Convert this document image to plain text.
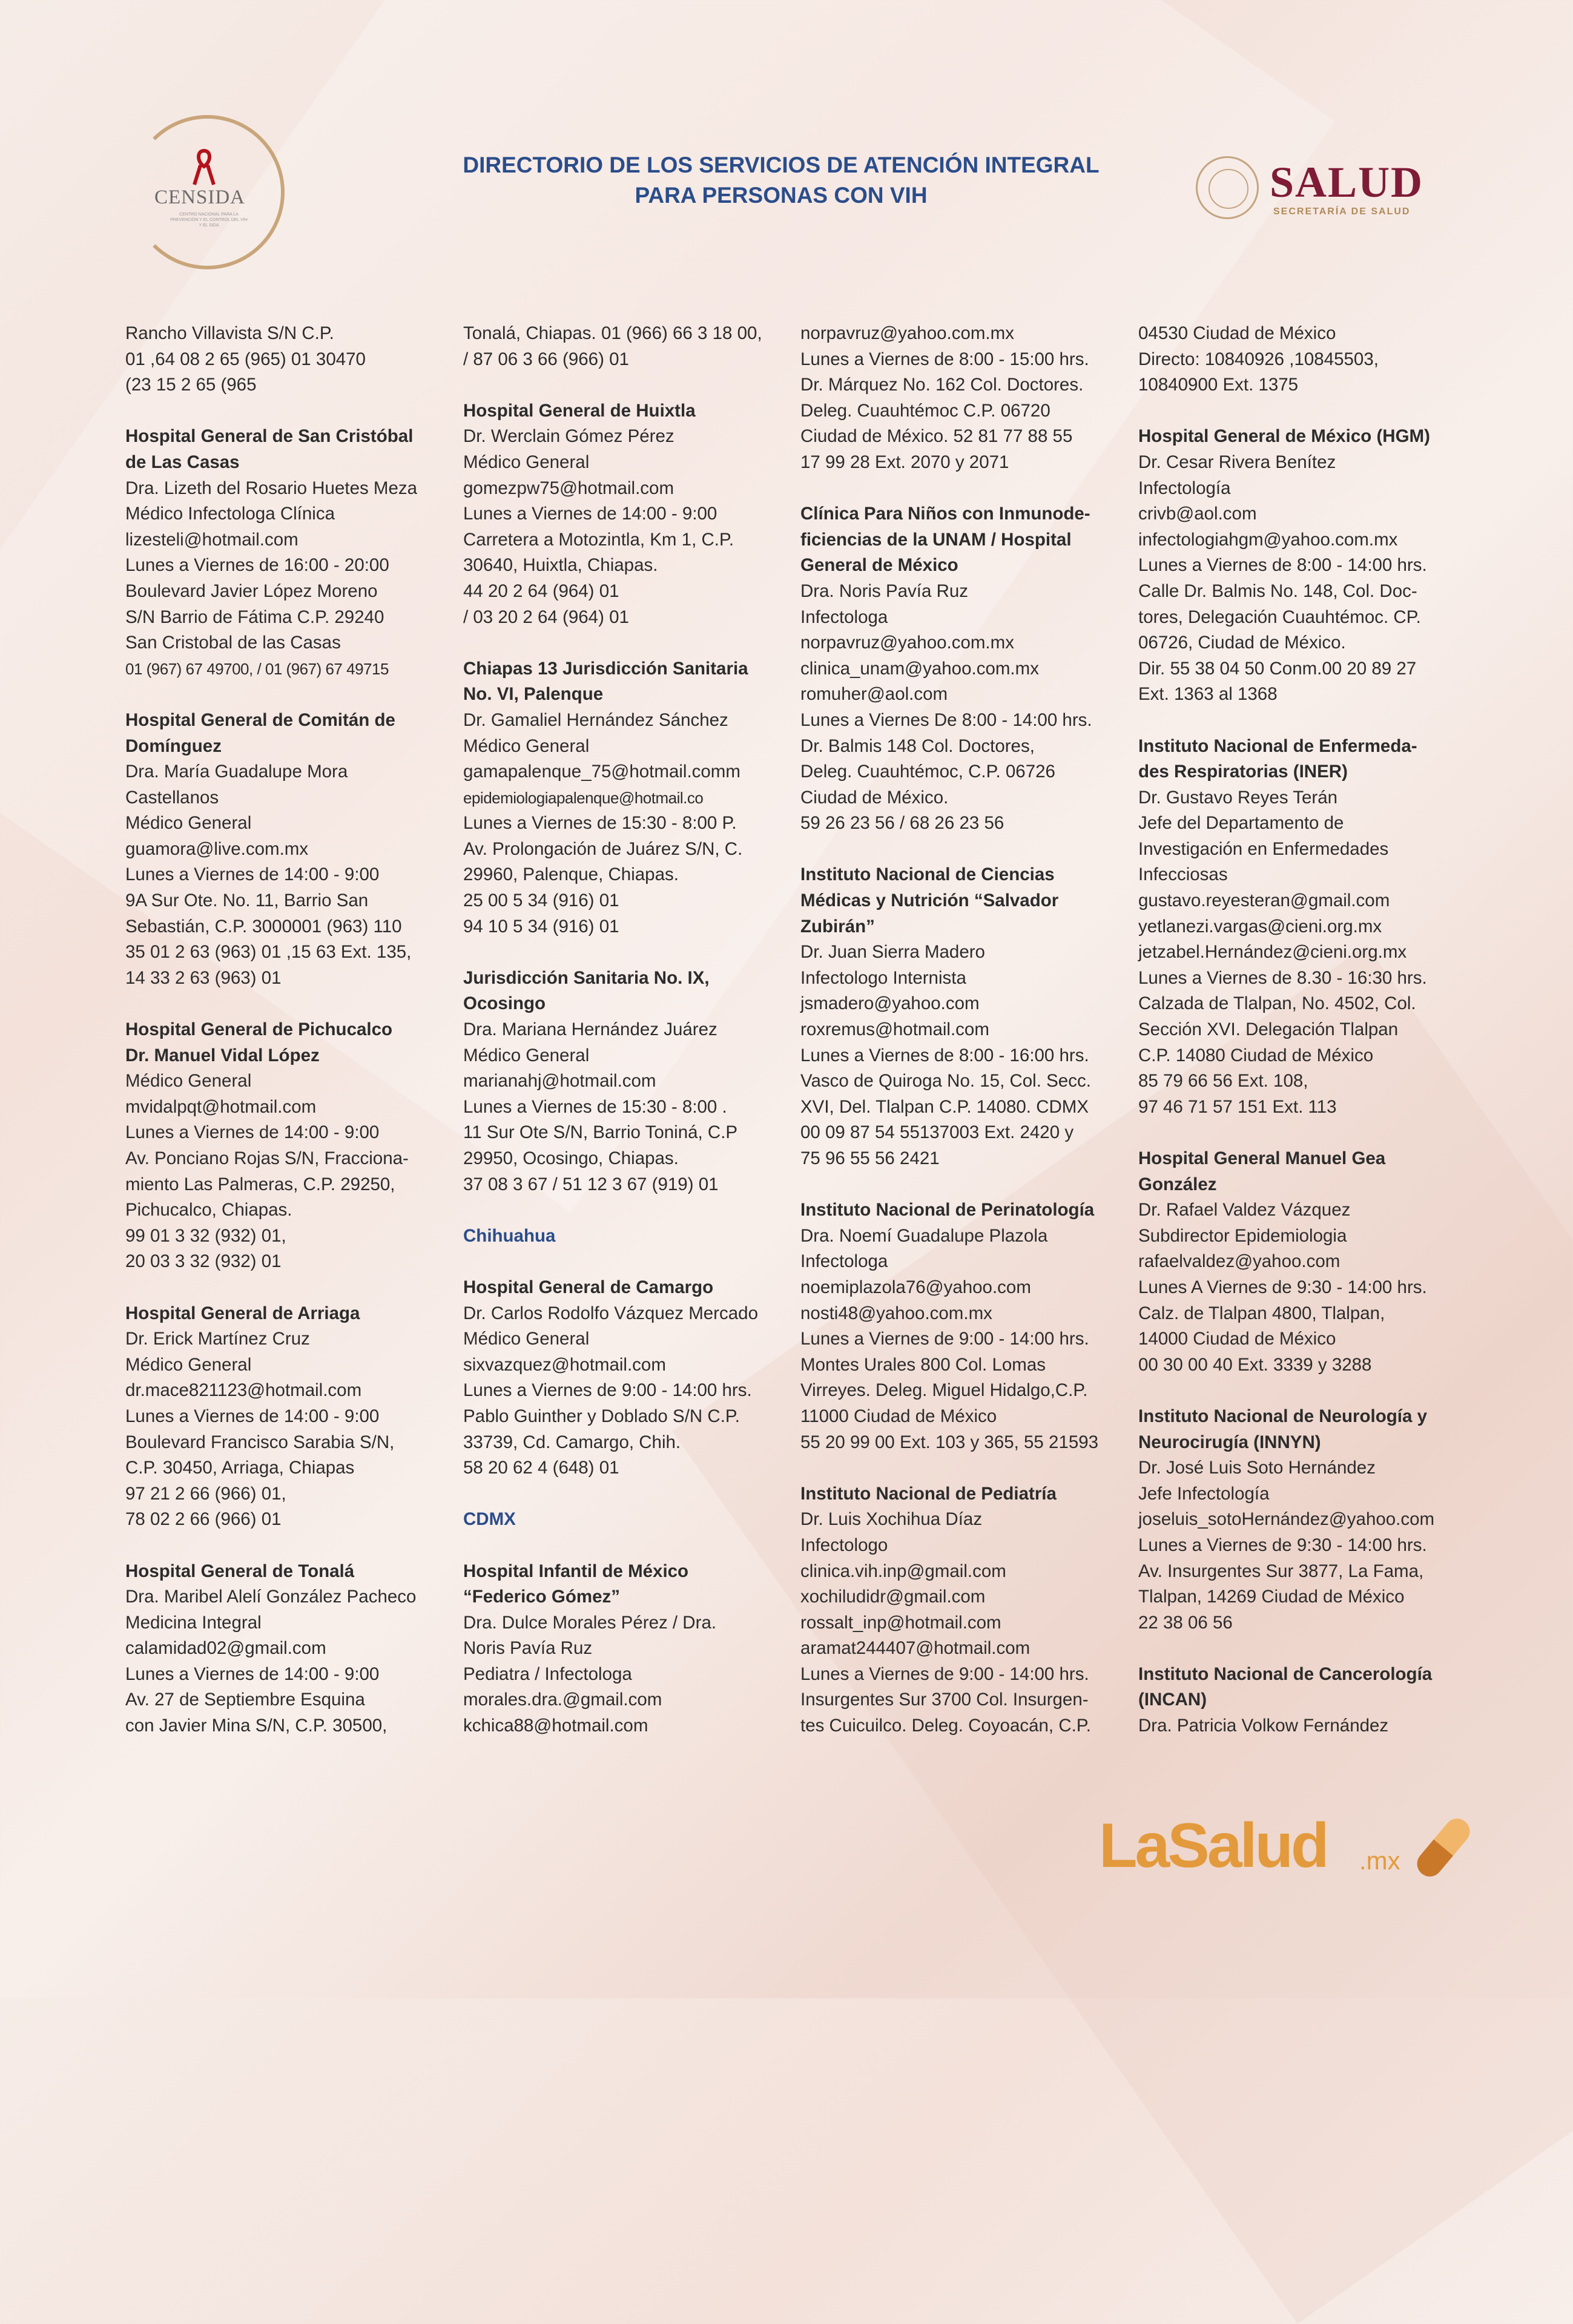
CENSIDA
CENTRO NACIONAL PARA LA PREVENCIÓN Y EL CONTROL DEL VIH Y EL SIDA
DIRECTORIO DE LOS SERVICIOS DE ATENCIÓN INTEGRAL
PARA PERSONAS CON VIH	SALUD
SECRETARÍA DE SALUD
Rancho Villavista S/N C.P.
01 ,64 08 2 65 (965) 01 30470
(23 15 2 65 (965
Hospital General de San Cristóbal
de Las Casas
Dra. Lizeth del Rosario Huetes Meza
Médico Infectologa Clínica
lizesteli@hotmail.com
Lunes a Viernes de 16:00 - 20:00
Boulevard Javier López Moreno
S/N Barrio de Fátima C.P. 29240
San Cristobal de las Casas
01 (967) 67 49700, / 01 (967) 67 49715
Hospital General de Comitán de
Domínguez
Dra. María Guadalupe Mora
Castellanos
Médico General
guamora@live.com.mx
Lunes a Viernes de 14:00 - 9:00
9A Sur Ote. No. 11, Barrio San
Sebastián, C.P. 3000001 (963) 110
35 01 2 63 (963) 01 ,15 63 Ext. 135,
14 33 2 63 (963) 01
Hospital General de Pichucalco
Dr. Manuel Vidal López
Médico General
mvidalpqt@hotmail.com
Lunes a Viernes de 14:00 - 9:00
Av. Ponciano Rojas S/N, Fracciona-
miento Las Palmeras, C.P. 29250,
Pichucalco, Chiapas.
99 01 3 32 (932) 01,
20 03 3 32 (932) 01
Hospital General de Arriaga
Dr. Erick Martínez Cruz
Médico General
dr.mace821123@hotmail.com
Lunes a Viernes de 14:00 - 9:00
Boulevard Francisco Sarabia S/N,
C.P. 30450, Arriaga, Chiapas
97 21 2 66 (966) 01,
78 02 2 66 (966) 01
Hospital General de Tonalá
Dra. Maribel Alelí González Pacheco
Medicina Integral
calamidad02@gmail.com
Lunes a Viernes de 14:00 - 9:00
Av. 27 de Septiembre Esquina
con Javier Mina S/N, C.P. 30500,
Tonalá, Chiapas. 01 (966) 66 3 18 00,
/ 87 06 3 66 (966) 01
Hospital General de Huixtla
Dr. Werclain Gómez Pérez
Médico General
gomezpw75@hotmail.com
Lunes a Viernes de 14:00 - 9:00
Carretera a Motozintla, Km 1, C.P.
30640, Huixtla, Chiapas.
44 20 2 64 (964) 01
/ 03 20 2 64 (964) 01
Chiapas 13 Jurisdicción Sanitaria
No. VI, Palenque
Dr. Gamaliel Hernández Sánchez
Médico General
gamapalenque_75@hotmail.comm
epidemiologiapalenque@hotmail.co
Lunes a Viernes de 15:30 - 8:00 P.
Av. Prolongación de Juárez S/N, C.
29960, Palenque, Chiapas.
25 00 5 34 (916) 01
94 10 5 34 (916) 01
Jurisdicción Sanitaria No. IX,
Ocosingo
Dra. Mariana Hernández Juárez
Médico General
marianahj@hotmail.com
Lunes a Viernes de 15:30 - 8:00 .
11 Sur Ote S/N, Barrio Toniná, C.P
29950, Ocosingo, Chiapas.
37 08 3 67 / 51 12 3 67 (919) 01
Chihuahua
Hospital General de Camargo
Dr. Carlos Rodolfo Vázquez Mercado
Médico General
sixvazquez@hotmail.com
Lunes a Viernes de 9:00 - 14:00 hrs.
Pablo Guinther y Doblado S/N C.P.
33739, Cd. Camargo, Chih.
58 20 62 4 (648) 01
CDMX
Hospital Infantil de México
“Federico Gómez”
Dra. Dulce Morales Pérez / Dra.
Noris Pavía Ruz
Pediatra / Infectologa
morales.dra.@gmail.com
kchica88@hotmail.com
norpavruz@yahoo.com.mx
Lunes a Viernes de 8:00 - 15:00 hrs.
Dr. Márquez No. 162 Col. Doctores.
Deleg. Cuauhtémoc C.P. 06720
Ciudad de México. 52 81 77 88 55
17 99 28 Ext. 2070 y 2071
Clínica Para Niños con Inmunode-
ficiencias de la UNAM / Hospital
General de México
Dra. Noris Pavía Ruz
Infectologa
norpavruz@yahoo.com.mx
clinica_unam@yahoo.com.mx
romuher@aol.com
Lunes a Viernes De 8:00 - 14:00 hrs.
Dr. Balmis 148 Col. Doctores,
Deleg. Cuauhtémoc, C.P. 06726
Ciudad de México.
59 26 23 56 / 68 26 23 56
Instituto Nacional de Ciencias
Médicas y Nutrición “Salvador
Zubirán”
Dr. Juan Sierra Madero
Infectologo Internista
jsmadero@yahoo.com
roxremus@hotmail.com
Lunes a Viernes de 8:00 - 16:00 hrs.
Vasco de Quiroga No. 15, Col. Secc.
XVI, Del. Tlalpan C.P. 14080. CDMX
00 09 87 54 55137003 Ext. 2420 y
75 96 55 56 2421
Instituto Nacional de Perinatología
Dra. Noemí Guadalupe Plazola
Infectologa
noemiplazola76@yahoo.com
nosti48@yahoo.com.mx
Lunes a Viernes de 9:00 - 14:00 hrs.
Montes Urales 800 Col. Lomas
Virreyes. Deleg. Miguel Hidalgo,C.P.
11000 Ciudad de México
55 20 99 00 Ext. 103 y 365, 55 21593
Instituto Nacional de Pediatría
Dr. Luis Xochihua Díaz
Infectologo
clinica.vih.inp@gmail.com
xochiludidr@gmail.com
rossalt_inp@hotmail.com
aramat244407@hotmail.com
Lunes a Viernes de 9:00 - 14:00 hrs.
Insurgentes Sur 3700 Col. Insurgen-
tes Cuicuilco. Deleg. Coyoacán, C.P.
04530 Ciudad de México
Directo: 10840926 ,10845503,
10840900 Ext. 1375
Hospital General de México (HGM)
Dr. Cesar Rivera Benítez
Infectología
crivb@aol.com
infectologiahgm@yahoo.com.mx
Lunes a Viernes de 8:00 - 14:00 hrs.
Calle Dr. Balmis No. 148, Col. Doc-
tores, Delegación Cuauhtémoc. CP.
06726, Ciudad de México.
Dir. 55 38 04 50 Conm.00 20 89 27
Ext. 1363 al 1368
Instituto Nacional de Enfermeda-
des Respiratorias (INER)
Dr. Gustavo Reyes Terán
Jefe del Departamento de
Investigación en Enfermedades
Infecciosas
gustavo.reyesteran@gmail.com
yetlanezi.vargas@cieni.org.mx
jetzabel.Hernández@cieni.org.mx
Lunes a Viernes de 8.30 - 16:30 hrs.
Calzada de Tlalpan, No. 4502, Col.
Sección XVI. Delegación Tlalpan
C.P. 14080 Ciudad de México
85 79 66 56 Ext. 108,
97 46 71 57 151 Ext. 113
Hospital General Manuel Gea
González
Dr. Rafael Valdez Vázquez
Subdirector Epidemiologia
rafaelvaldez@yahoo.com
Lunes A Viernes de 9:30 - 14:00 hrs.
Calz. de Tlalpan 4800, Tlalpan,
14000 Ciudad de México
00 30 00 40 Ext. 3339 y 3288
Instituto Nacional de Neurología y
Neurocirugía (INNYN)
Dr. José Luis Soto Hernández
Jefe Infectología
joseluis_sotoHernández@yahoo.com
Lunes a Viernes de 9:30 - 14:00 hrs.
Av. Insurgentes Sur 3877, La Fama,
Tlalpan, 14269 Ciudad de México
22 38 06 56
Instituto Nacional de Cancerología
(INCAN)
Dra. Patricia Volkow Fernández
LaSalud .mx
